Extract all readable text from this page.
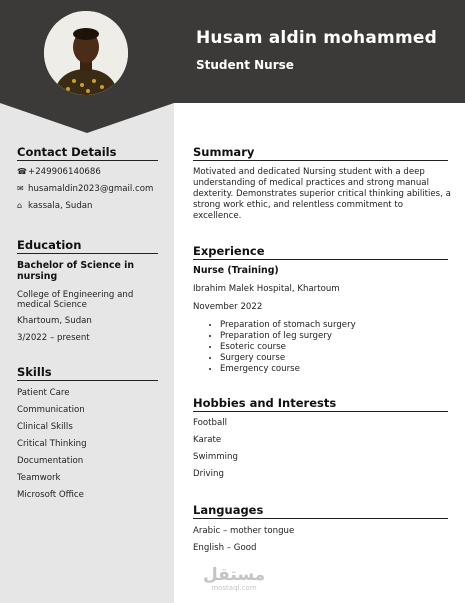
Husam aldin mohammed
Student Nurse
Contact Details
☎+249906140686
✉ husamaldin2023@gmail.com
⌂ kassala, Sudan
Education
Bachelor of Science in
nursing
College of Engineering and
medical Science
Khartoum, Sudan
3/2022 – present
Skills
Patient Care
Communication
Clinical Skills
Critical Thinking
Documentation
Teamwork
Microsoft Office
Summary
Motivated and dedicated Nursing student with a deep
understanding of medical practices and strong manual
dexterity. Demonstrates superior critical thinking abilities, a
strong work ethic, and relentless commitment to
excellence.
Experience
Nurse (Training)
Ibrahim Malek Hospital, Khartoum
November 2022
• Preparation of stomach surgery
• Preparation of leg surgery
• Esoteric course
• Surgery course
• Emergency course
Hobbies and Interests
Football
Karate
Swimming
Driving
Languages
Arabic – mother tongue
English – Good
مستقل
mostaql.com
